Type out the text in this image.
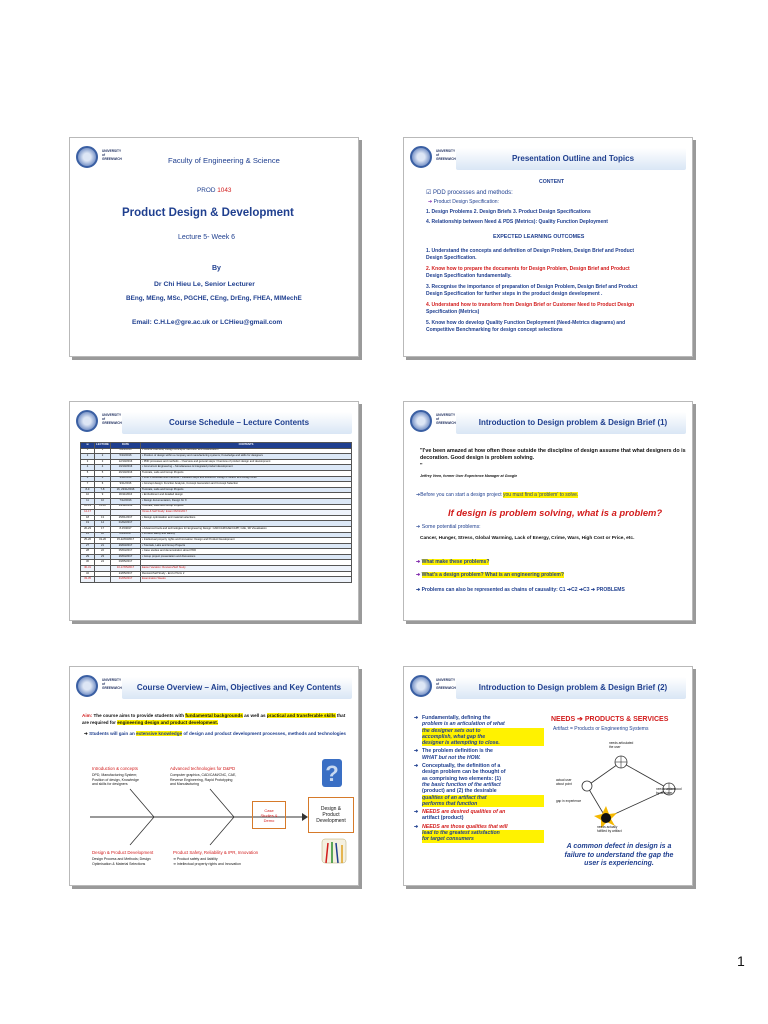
UNIVERSITY
of
GREENWICH	Faculty of Engineering & Science
PROD 1043
Product Design & Development
Lecture 5- Week 6
By
Dr Chi Hieu Le, Senior Lecturer
BEng, MEng, MSc, PGCHE, CEng, DrEng, FHEA, MIMechE
Email: C.H.Le@gre.ac.uk or LCHieu@gmail.com
UNIVERSITY
of
GREENWICH	Presentation Outline and Topics
CONTENT
☑ PDD processes and methods:
➔ Product Design Specification:
1. Design Problems 2. Design Briefs 3. Product Design Specifications
4. Relationship between Need & PDS (Metrics): Quality Function Deployment
EXPECTED LEARNING OUTCOMES
1. Understand the concepts and definition of Design Problem, Design Brief and Product
Design Specification.
2. Know how to prepare the documents for Design Problem, Design Brief and Product
Design Specification fundamentally.
3. Recognise the importance of preparation of Design Problem, Design Brief and Product
Design Specification for further steps in the product design development .
4. Understand how to transform from Design Brief or Customer Need to Product Design
Specification (Metrics)
5. Know how do develop Quality Function Deployment (Need-Metrics diagrams) and
Competitive Benchmarking for design concept selections
UNIVERSITY
of
GREENWICH	Course Schedule – Lecture Contents
w	LECTURE	DATE	CONTENTS
1	1	28/9/2016	• Course overview, Design concepts: definition and classification
2	2	5/10/2016	• Position of design within a company and manufacturing systems; Knowledge and skills for designers
3	3	12/10/2016	• PDD processes and methods – Overview and general steps: Overview of product design and development
4	4	19/10/2016	• Concurrent Engineering – Simultaneous & Integrated product development
5	5	26/10/2016	Tutorials, Labs and Group Projects
6	6	2/11/2016	• PDD Processes and methods – Detailed steps and solutions: Design Problem and Design Brief
7	6	9/11/2016	• Concept design: Function Analysis, Concept Generation and Concept Selection
8-9	7-8	16, 23/11/2016	Tutorials, Labs and Group Projects
10	9	30/11/2016	• Embodiment and detailed design
11	10	7/12/2016	• Design documentation, Design for X
12-13	11-12	14/12/2016	Tutorials, Labs and Group Projects
14-17			Xmas & Self Study: Exam 06/01/2017
18	13	25/01/2017	• Design optimisation and material selections
19	14	01/02/2017	
20-23	17	8-15/2017	• Advanced tools and technologies for Engineering Design: CAD/CAM/CAE/CAPP, CAE, 3D Visualisation
24	18	8/03/2017	• Product safety and liability
25-26	19-20	15-22/03/2017	• Intellectual property rights and Innovation: Design and Product Development
27	21	29/03/2017	• Tutorials, Labs and Group Projects
28	22	05/04/2017	• Case studies and demonstration about PDD
29	23	26/04/2017	• Group project presentation and discussions
30	24	03/05/2017	
30-31		10-17/05/2017	Easter Vacation: Revision/Self Study
32		24/05/2017	Revision/Self Study - End of Term 2
33-35		31/05/2017	Examination Weeks
UNIVERSITY
of
GREENWICH	Introduction to Design problem & Design Brief (1)
"I've been amazed at how often those outside the discipline of design assume that what designers do is decoration. Good design is problem solving.
"
Jeffrey Veen, former User Experience Manager at Google
➔Before you can start a design project you must find a 'problem' to solve.
If design is problem solving, what is a problem?
➔ Some potential problems:
Cancer, Hunger, Stress, Global Warming, Lack of Energy, Crime, Wars, High Cost or Price, etc.
➔ What make these problems?
➔ What's a design problem? What is an engineering problem?
➔ Problems can also be represented as chains of causality: C1 ➔C2 ➔C3 ➔ PROBLEMS
UNIVERSITY
of
GREENWICH	Course Overview – Aim, Objectives and Key Contents
Aim: The course aims to provide students with fundamental backgrounds as well as practical and transferable skills that are required for engineering design and product development.
➔ Students will gain an extensive knowledge of design and product development processes, methods and technologies
Introduction & concepts
DPD, Manufacturing System;
Position of design, Knowledge
and skills for designers
Advanced technologies for D&PD
Computer graphics, CAD/CAM/CNC, CAE,
Reverse Engineering, Rapid Prototyping
and Manufacturing	?
Case
Studies &
Demo
Design &
Product
Development
Design & Product Development
Design Process and Methods; Design
Optimisation & Material Selections
Product Safety, Reliability & IPR, Innovation
➔ Product safety and liability
➔ Intellectual property rights and Innovation
UNIVERSITY
of
GREENWICH	Introduction to Design problem & Design Brief (2)
➔ Fundamentally, defining the
problem is an articulation of what
the designer sets out to
accomplish, what gap the
designer is attempting to close.
➔ The problem definition is the
WHAT but not the HOW.
➔ Conceptually, the definition of a
design problem can be thought of
as comprising two elements: (1)
the basic function of the artifact
(product) and (2) the desirable
qualities of an artifact that
performs that function
➔ NEEDS are desired qualities of an
artifact (product)
➔ NEEDS are those qualities that will
lead to the greatest satisfaction
for target consumers
NEEDS ➔ PRODUCTS & SERVICES
Artifact = Products or Engineering Systems
needs articulated
the user
actual user
about point
gap in experience
needs understood
by designer
needs actually
fulfilled by artifact
A common defect in design is a
failure to understand the gap the
user is experiencing.
1
